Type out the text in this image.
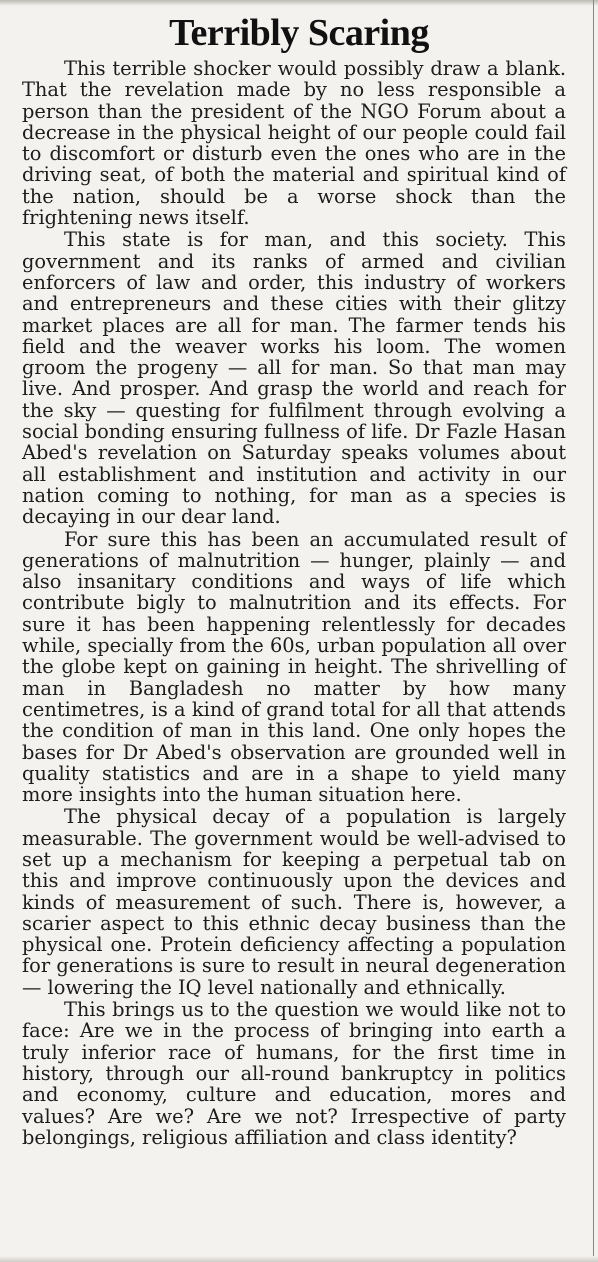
Terribly Scaring

This terrible shocker would possibly draw a blank. That the revelation made by no less responsible a person than the president of the NGO Forum about a decrease in the physical height of our people could fail to discomfort or disturb even the ones who are in the driving seat, of both the material and spiritual kind of the nation, should be a worse shock than the frightening news itself.

This state is for man, and this society. This government and its ranks of armed and civilian enforcers of law and order, this industry of workers and entrepreneurs and these cities with their glitzy market places are all for man. The farmer tends his field and the weaver works his loom. The women groom the progeny — all for man. So that man may live. And prosper. And grasp the world and reach for the sky — questing for fulfilment through evolving a social bonding ensuring fullness of life. Dr Fazle Hasan Abed's revelation on Saturday speaks volumes about all establishment and institution and activity in our nation coming to nothing, for man as a species is decaying in our dear land.

For sure this has been an accumulated result of generations of malnutrition — hunger, plainly — and also insanitary conditions and ways of life which contribute bigly to malnutrition and its effects. For sure it has been happening relentlessly for decades while, specially from the 60s, urban population all over the globe kept on gaining in height. The shrivelling of man in Bangladesh no matter by how many centimetres, is a kind of grand total for all that attends the condition of man in this land. One only hopes the bases for Dr Abed's observation are grounded well in quality statistics and are in a shape to yield many more insights into the human situation here.

The physical decay of a population is largely measurable. The government would be well-advised to set up a mechanism for keeping a perpetual tab on this and improve continuously upon the devices and kinds of measurement of such. There is, however, a scarier aspect to this ethnic decay business than the physical one. Protein deficiency affecting a population for generations is sure to result in neural degeneration — lowering the IQ level nationally and ethnically.

This brings us to the question we would like not to face: Are we in the process of bringing into earth a truly inferior race of humans, for the first time in history, through our all-round bankruptcy in politics and economy, culture and education, mores and values? Are we? Are we not? Irrespective of party belongings, religious affiliation and class identity?
